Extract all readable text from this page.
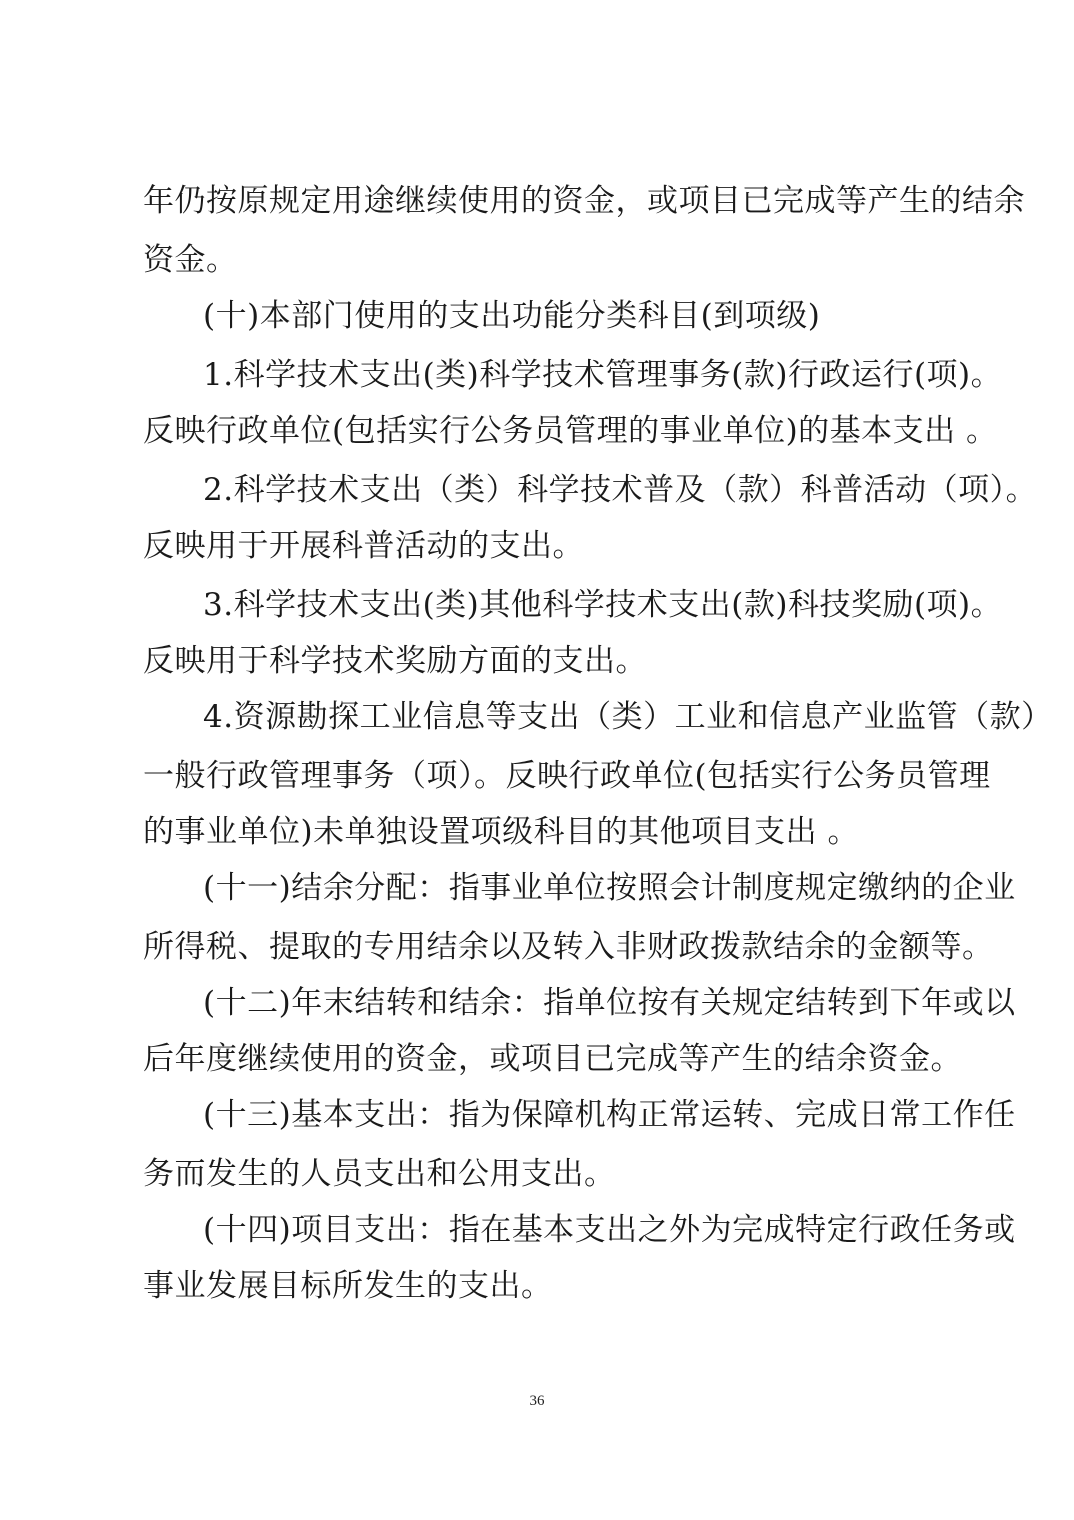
年仍按原规定用途继续使用的资金，或项目已完成等产生的结余
资金。
(十)本部门使用的支出功能分类科目(到项级)
1.科学技术支出(类)科学技术管理事务(款)行政运行(项)。
反映行政单位(包括实行公务员管理的事业单位)的基本支出 。
2.科学技术支出（类）科学技术普及（款）科普活动（项）。
反映用于开展科普活动的支出。
3.科学技术支出(类)其他科学技术支出(款)科技奖励(项)。
反映用于科学技术奖励方面的支出。
4.资源勘探工业信息等支出（类）工业和信息产业监管（款）
一般行政管理事务（项）。反映行政单位(包括实行公务员管理
的事业单位)未单独设置项级科目的其他项目支出 。
(十一)结余分配：指事业单位按照会计制度规定缴纳的企业
所得税、提取的专用结余以及转入非财政拨款结余的金额等。
(十二)年末结转和结余：指单位按有关规定结转到下年或以
后年度继续使用的资金，或项目已完成等产生的结余资金。
(十三)基本支出：指为保障机构正常运转、完成日常工作任
务而发生的人员支出和公用支出。
(十四)项目支出：指在基本支出之外为完成特定行政任务或
事业发展目标所发生的支出。
36
